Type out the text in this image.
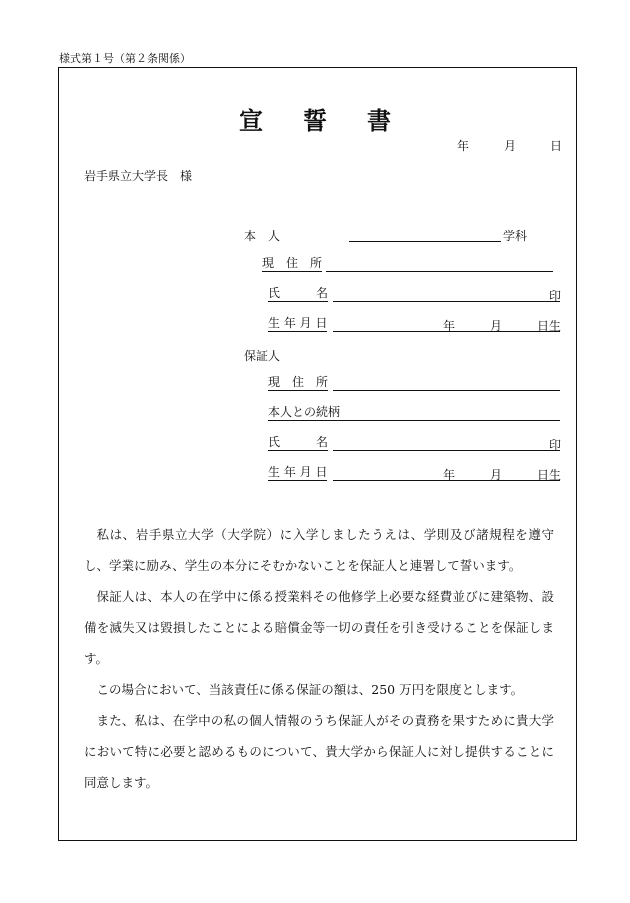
様式第１号（第２条関係）
宣 誓 書
年	月	日
岩手県立大学長　様
本　人	学科
現　住　所
氏　　　名	印
生 年 月 日	年	月	日生
保証人
現　住　所
本人との続柄
氏　　　名	印
生 年 月 日	年	月	日生

私は、岩手県立大学（大学院）に入学しましたうえは、学則及び諸規程を遵守し、学業に励み、学生の本分にそむかないことを保証人と連署して誓います。

保証人は、本人の在学中に係る授業料その他修学上必要な経費並びに建築物、設備を滅失又は毀損したことによる賠償金等一切の責任を引き受けることを保証します。

この場合において、当該責任に係る保証の額は、250 万円を限度とします。

また、私は、在学中の私の個人情報のうち保証人がその責務を果すために貴大学において特に必要と認めるものについて、貴大学から保証人に対し提供することに同意します。
